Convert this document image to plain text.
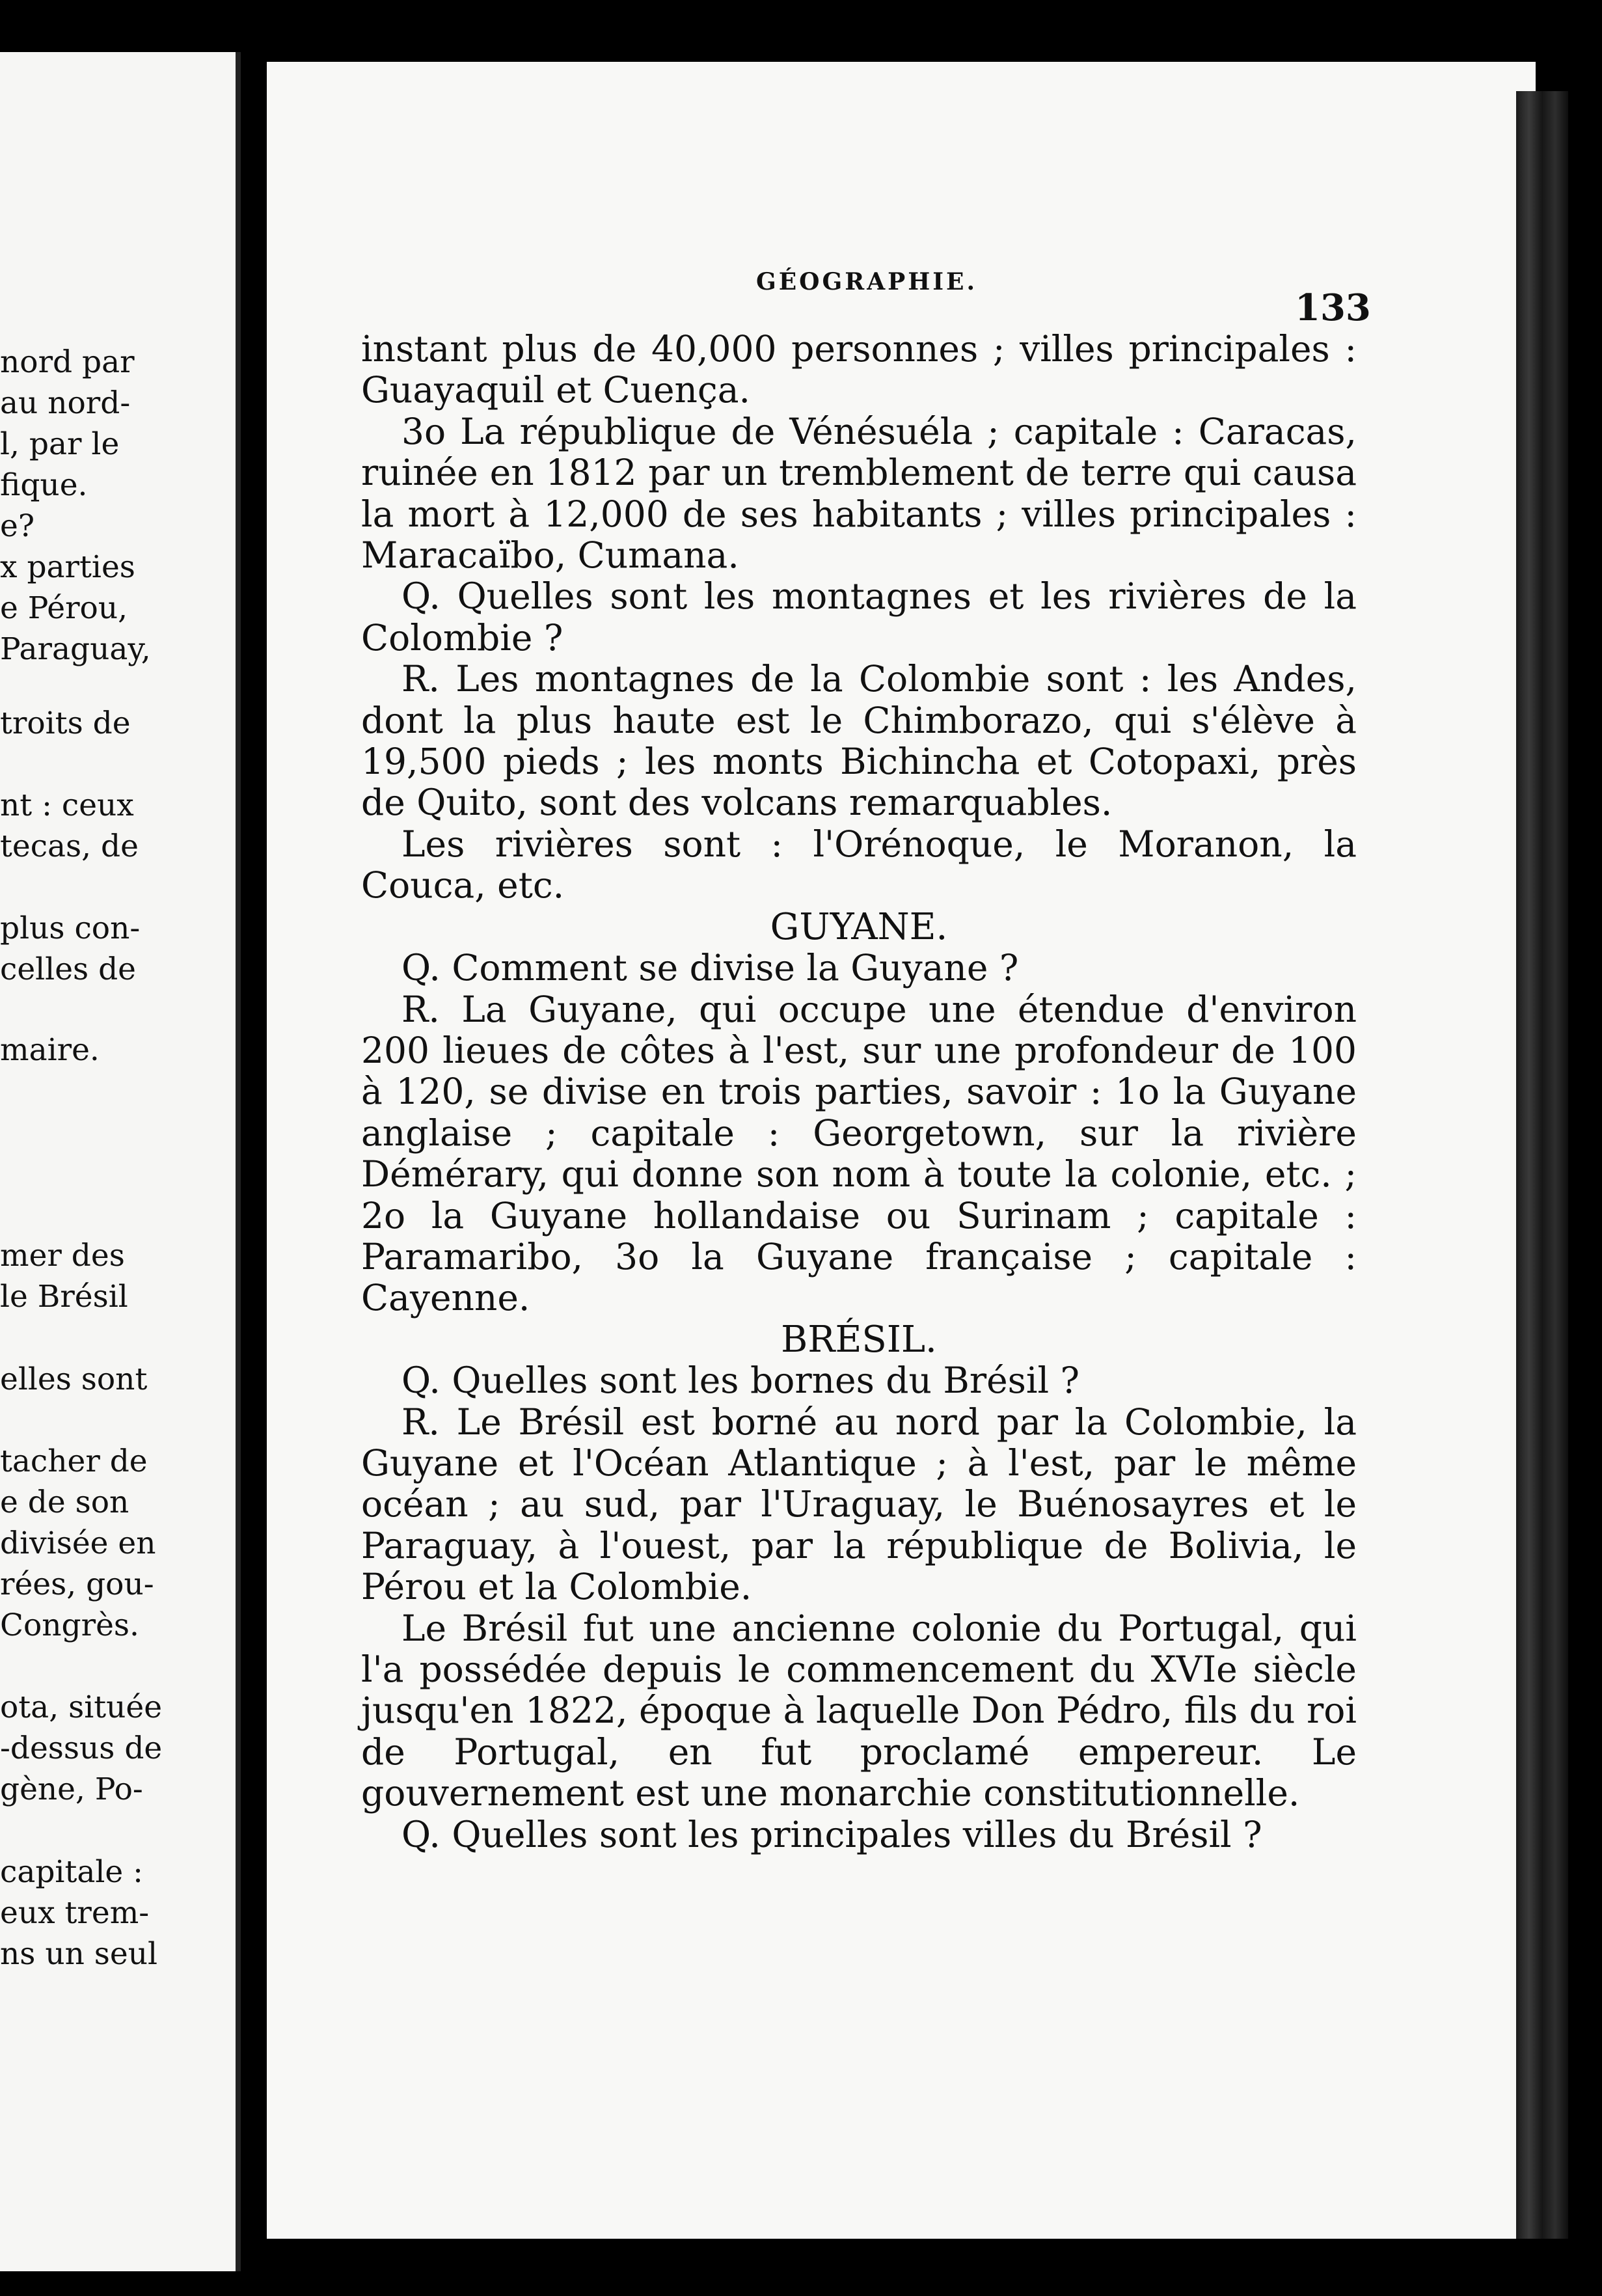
nord par
au nord-
l, par le
fique.
e?
x parties
e Pérou,
Paraguay,
troits de
nt : ceux
tecas, de
plus con-
celles de
maire.
mer des
le Brésil
elles sont
tacher de
e de son
divisée en
rées, gou-
Congrès.
ota, située
-dessus de
gène, Po-
capitale :
eux trem-
ns un seul
GÉOGRAPHIE.
133

instant plus de 40,000 personnes ; villes principales : Guayaquil et Cuença.

3o La république de Vénésuéla ; capitale : Caracas, ruinée en 1812 par un tremblement de terre qui causa la mort à 12,000 de ses habitants ; villes principales : Maracaïbo, Cumana.

Q. Quelles sont les montagnes et les rivières de la Colombie ?

R. Les montagnes de la Colombie sont : les Andes, dont la plus haute est le Chimborazo, qui s'élève à 19,500 pieds ; les monts Bichincha et Cotopaxi, près de Quito, sont des volcans remarquables.

Les rivières sont : l'Orénoque, le Moranon, la Couca, etc.

GUYANE.

Q. Comment se divise la Guyane ?

R. La Guyane, qui occupe une étendue d'environ 200 lieues de côtes à l'est, sur une profondeur de 100 à 120, se divise en trois parties, savoir : 1o la Guyane anglaise ; capitale : Georgetown, sur la rivière Démérary, qui donne son nom à toute la colonie, etc. ; 2o la Guyane hollandaise ou Surinam ; capitale : Paramaribo, 3o la Guyane française ; capitale : Cayenne.

BRÉSIL.

Q. Quelles sont les bornes du Brésil ?

R. Le Brésil est borné au nord par la Colombie, la Guyane et l'Océan Atlantique ; à l'est, par le même océan ; au sud, par l'Uraguay, le Buénosayres et le Paraguay, à l'ouest, par la république de Bolivia, le Pérou et la Colombie.

Le Brésil fut une ancienne colonie du Portugal, qui l'a possédée depuis le commencement du XVIe siècle jusqu'en 1822, époque à laquelle Don Pédro, fils du roi de Portugal, en fut proclamé empereur. Le gouvernement est une monarchie constitutionnelle.

Q. Quelles sont les principales villes du Brésil ?
